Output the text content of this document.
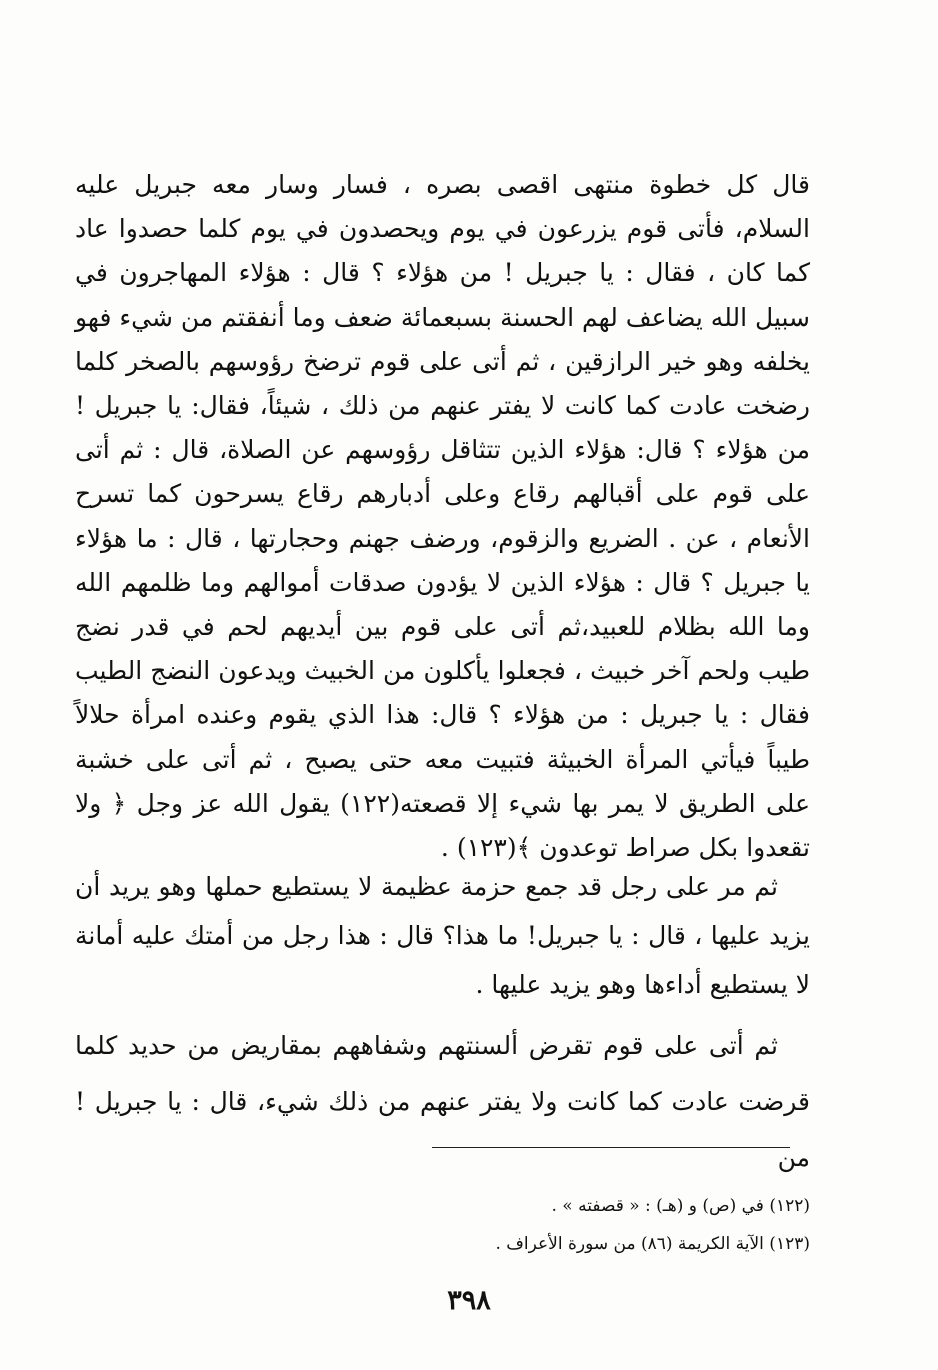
قال كل خطوة منتهى اقصى بصره ، فسار وسار معه جبريل عليه السلام، فأتى قوم يزرعون في يوم ويحصدون في يوم كلما حصدوا عاد كما كان ، فقال : يا جبريل ! من هؤلاء ؟ قال : هؤلاء المهاجرون في سبيل الله يضاعف لهم الحسنة بسبعمائة ضعف وما أنفقتم من شيء فهو يخلفه وهو خير الرازقين ، ثم أتى على قوم ترضخ رؤوسهم بالصخر كلما رضخت عادت كما كانت لا يفتر عنهم من ذلك ، شيئاً، فقال: يا جبريل ! من هؤلاء ؟ قال: هؤلاء الذين تتثاقل رؤوسهم عن الصلاة، قال : ثم أتى على قوم على أقبالهم رقاع وعلى أدبارهم رقاع يسرحون كما تسرح الأنعام ، عن . الضريع والزقوم، ورضف جهنم وحجارتها ، قال : ما هؤلاء يا جبريل ؟ قال : هؤلاء الذين لا يؤدون صدقات أموالهم وما ظلمهم الله وما الله بظلام للعبيد،ثم أتى على قوم بين أيديهم لحم في قدر نضج طيب ولحم آخر خبيث ، فجعلوا يأكلون من الخبيث ويدعون النضج الطيب فقال : يا جبريل : من هؤلاء ؟ قال: هذا الذي يقوم وعنده امرأة حلالاً طيباً فيأتي المرأة الخبيثة فتبيت معه حتى يصبح ، ثم أتى على خشبة على الطريق لا يمر بها شيء إلا قصعته(١٢٢) يقول الله عز وجل ﴿ ولا تقعدوا بكل صراط توعدون ﴾(١٢٣) .

ثم مر على رجل قد جمع حزمة عظيمة لا يستطيع حملها وهو يريد أن يزيد عليها ، قال : يا جبريل! ما هذا؟ قال : هذا رجل من أمتك عليه أمانة لا يستطيع أداءها وهو يزيد عليها .

ثم أتى على قوم تقرض ألسنتهم وشفاههم بمقاريض من حديد كلما قرضت عادت كما كانت ولا يفتر عنهم من ذلك شيء، قال : يا جبريل ! من

(١٢٢) في (ص) و (هـ) : « قصفته » .
(١٢٣) الآية الكريمة (٨٦) من سورة الأعراف .
٣٩٨
